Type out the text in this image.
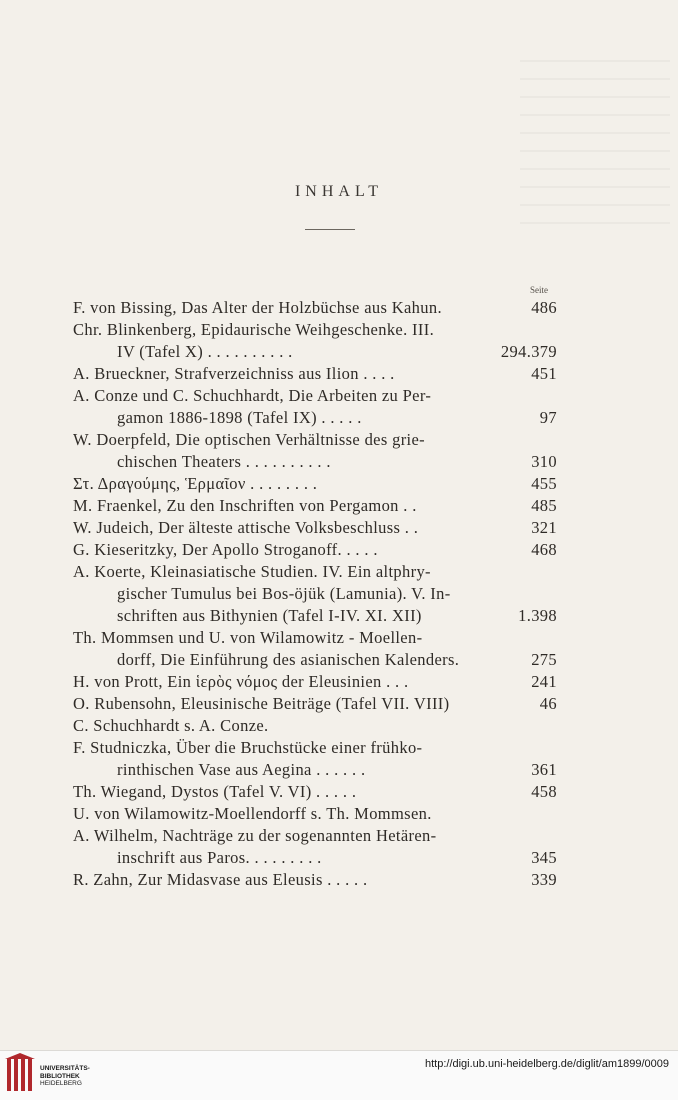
INHALT
Seite
F. von Bissing, Das Alter der Holzbüchse aus Kahun.	486
Chr. Blinkenberg, Epidaurische Weihgeschenke. III.
IV (Tafel X) . . . . . . . . . .	294.379
A. Brueckner, Strafverzeichniss aus Ilion . . . .	451
A. Conze und C. Schuchhardt, Die Arbeiten zu Per-
gamon 1886-1898 (Tafel IX) . . . . .	97
W. Doerpfeld, Die optischen Verhältnisse des grie-
chischen Theaters . . . . . . . . . .	310
Στ. Δραγούμης, Ἑρμαῖον . . . . . . . .	455
M. Fraenkel, Zu den Inschriften von Pergamon . .	485
W. Judeich, Der älteste attische Volksbeschluss . .	321
G. Kieseritzky, Der Apollo Stroganoff. . . . .	468
A. Koerte, Kleinasiatische Studien. IV. Ein altphry-
gischer Tumulus bei Bos-öjük (Lamunia). V. In-
schriften aus Bithynien (Tafel I-IV. XI. XII)	1.398
Th. Mommsen und U. von Wilamowitz - Moellen-
dorff, Die Einführung des asianischen Kalenders.	275
H. von Prott, Ein ἱερὸς νόμος der Eleusinien . . .	241
O. Rubensohn, Eleusinische Beiträge (Tafel VII. VIII)	46
C. Schuchhardt s. A. Conze.
F. Studniczka, Über die Bruchstücke einer frühko-
rinthischen Vase aus Aegina . . . . . .	361
Th. Wiegand, Dystos (Tafel V. VI) . . . . .	458
U. von Wilamowitz-Moellendorff s. Th. Mommsen.
A. Wilhelm, Nachträge zu der sogenannten Hetären-
inschrift aus Paros. . . . . . . . .	345
R. Zahn, Zur Midasvase aus Eleusis . . . . .	339
UNIVERSITÄTS-
BIBLIOTHEK
HEIDELBERG
http://digi.ub.uni-heidelberg.de/diglit/am1899/0009
